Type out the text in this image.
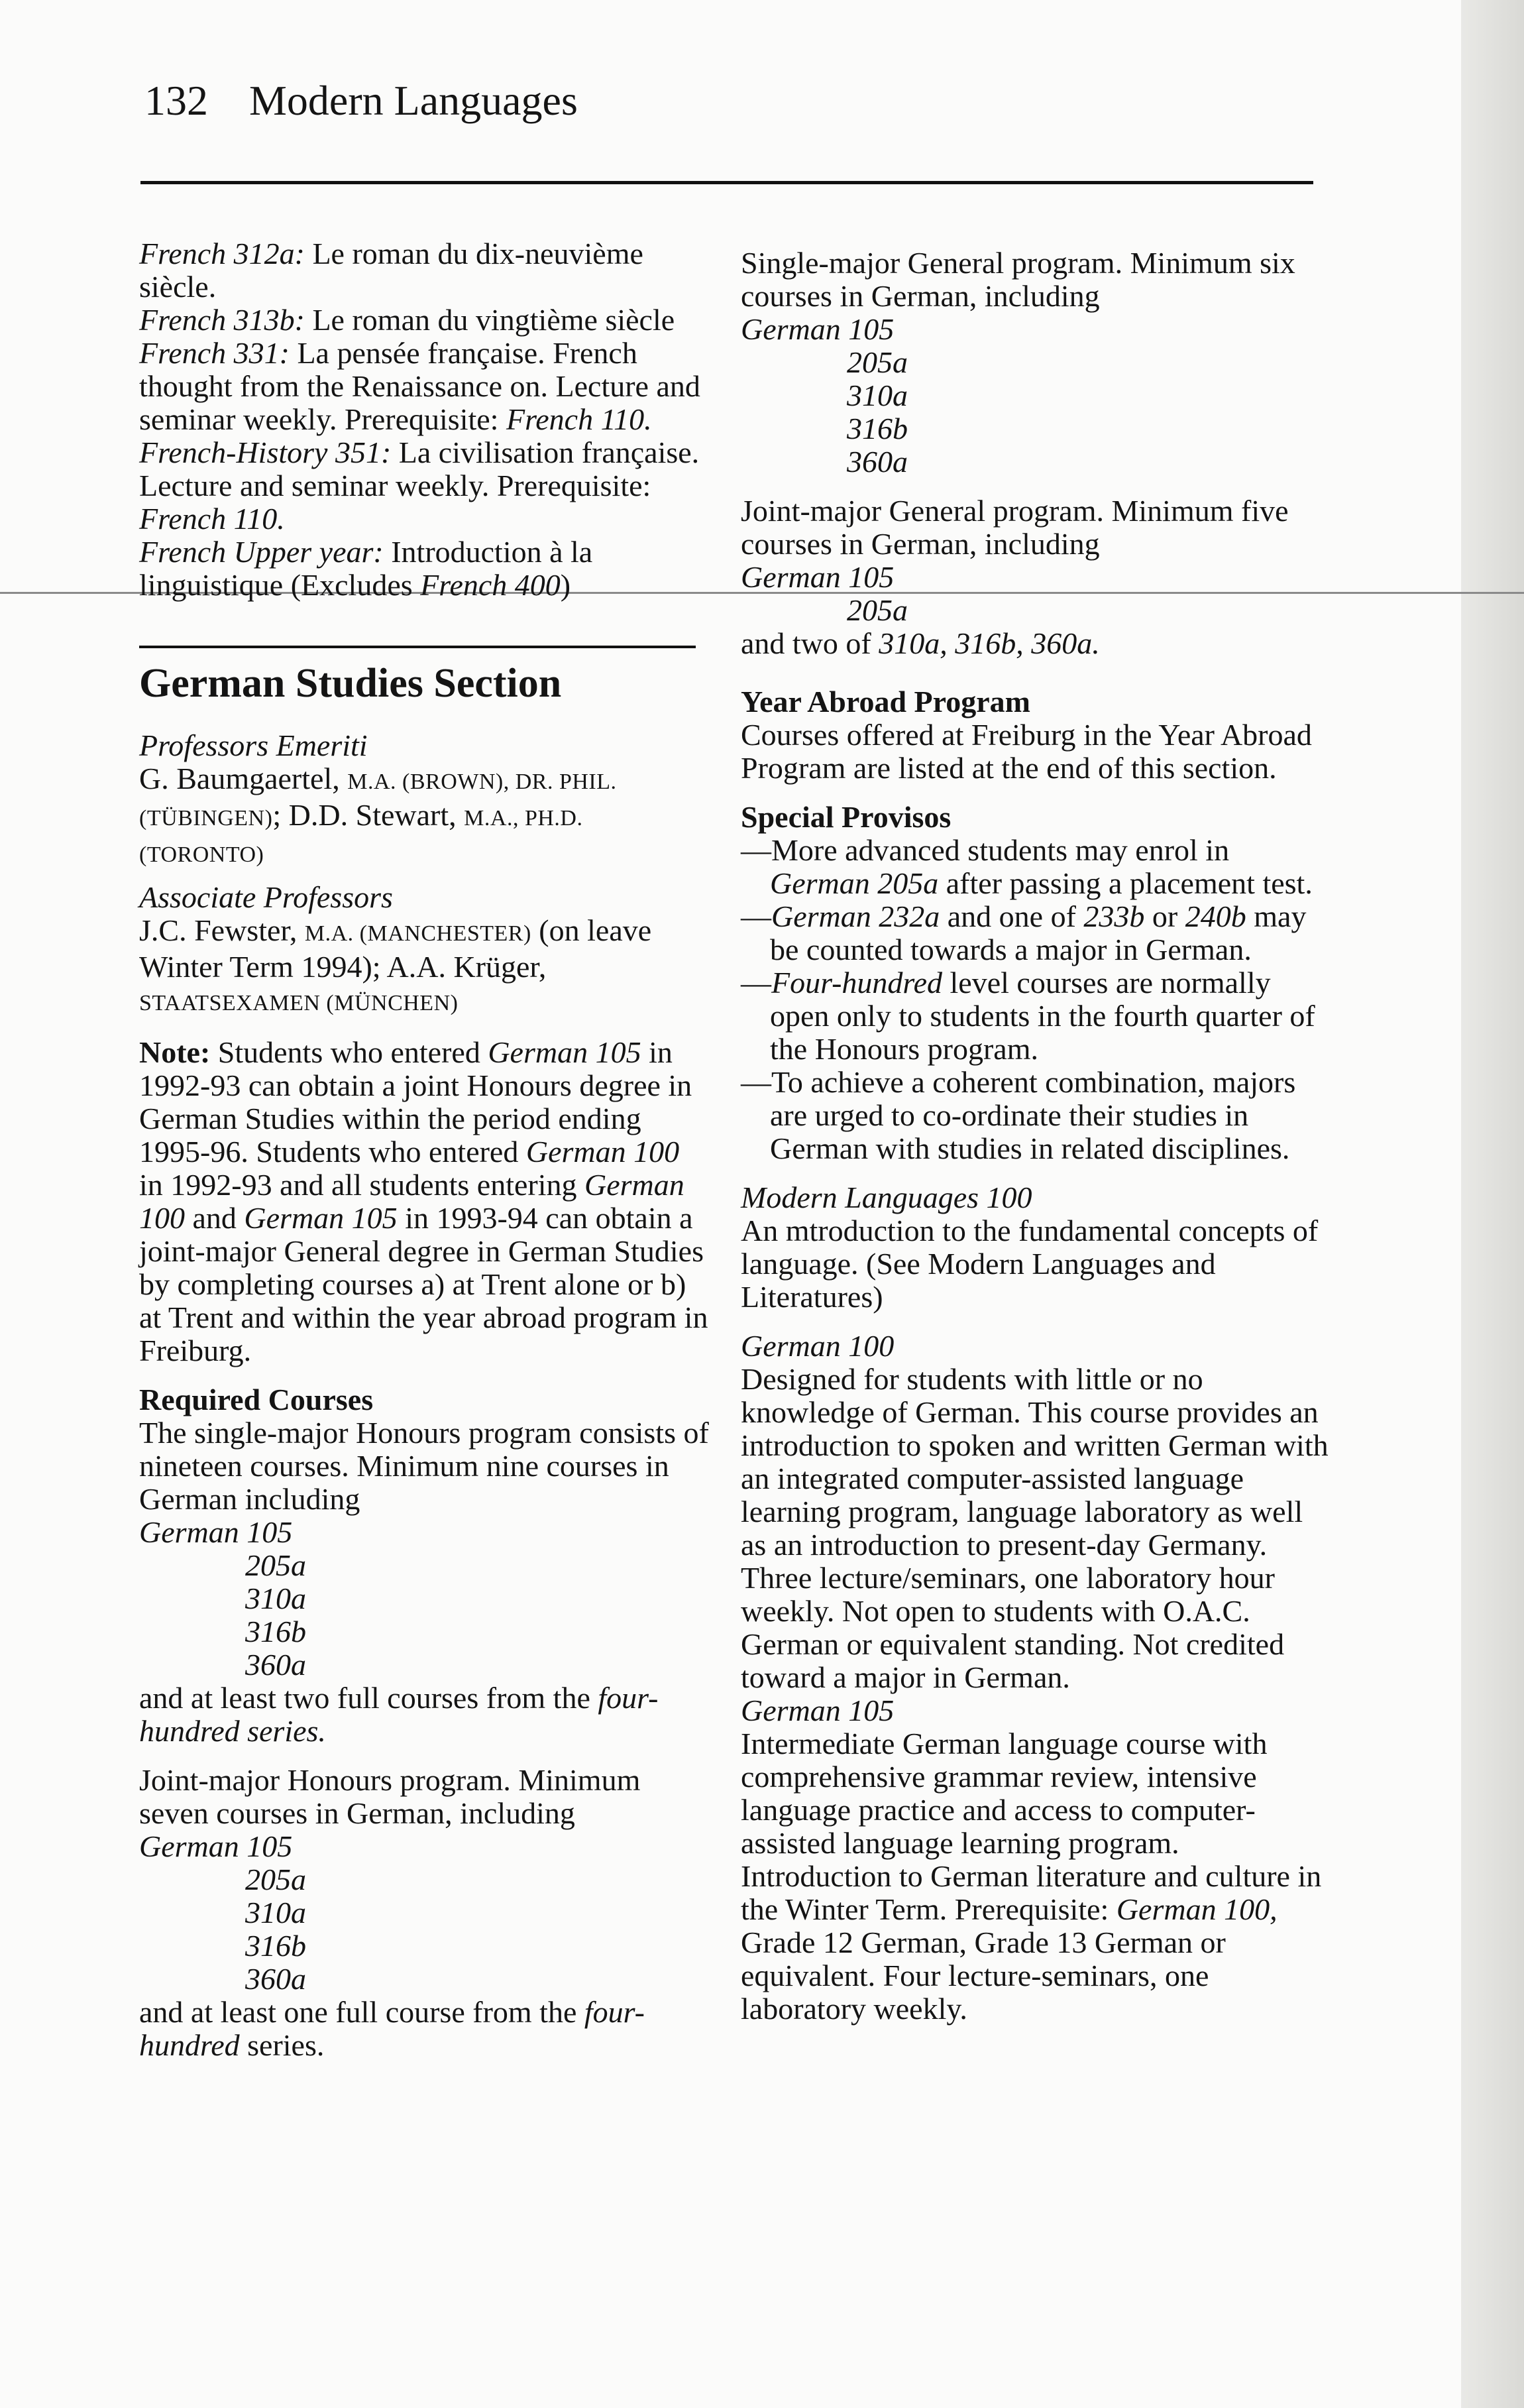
132 Modern Languages

French 312a: Le roman du dix-neuvième siècle.

French 313b: Le roman du vingtième siècle

French 331: La pensée française. French thought from the Renaissance on. Lecture and seminar weekly. Prerequisite: French 110.

French-History 351: La civilisation française. Lecture and seminar weekly. Prerequisite: French 110.

French Upper year: Introduction à la linguistique (Excludes French 400)

German Studies Section

Professors Emeriti

G. Baumgaertel, M.A. (BROWN), DR. PHIL. (TÜBINGEN); D.D. Stewart, M.A., PH.D. (TORONTO)

Associate Professors

J.C. Fewster, M.A. (MANCHESTER) (on leave Winter Term 1994); A.A. Krüger, STAATSEXAMEN (MÜNCHEN)

Note: Students who entered German 105 in 1992-93 can obtain a joint Honours degree in German Studies within the period ending 1995-96. Students who entered German 100 in 1992-93 and all students entering German 100 and German 105 in 1993-94 can obtain a joint-major General degree in German Studies by completing courses a) at Trent alone or b) at Trent and within the year abroad program in Freiburg.

Required Courses

The single-major Honours program consists of nineteen courses. Minimum nine courses in German including

German 105

205a

310a

316b

360a

and at least two full courses from the four-hundred series.

Joint-major Honours program. Minimum seven courses in German, including

German 105

205a

310a

316b

360a

and at least one full course from the four-hundred series.

Single-major General program. Minimum six courses in German, including

German 105

205a

310a

316b

360a

Joint-major General program. Minimum five courses in German, including

German 105

205a

and two of 310a, 316b, 360a.

Year Abroad Program

Courses offered at Freiburg in the Year Abroad Program are listed at the end of this section.

Special Provisos

—More advanced students may enrol in German 205a after passing a placement test.

—German 232a and one of 233b or 240b may be counted towards a major in German.

—Four-hundred level courses are normally open only to students in the fourth quarter of the Honours program.

—To achieve a coherent combination, majors are urged to co-ordinate their studies in German with studies in related disciplines.

Modern Languages 100

An mtroduction to the fundamental concepts of language. (See Modern Languages and Literatures)

German 100

Designed for students with little or no knowledge of German. This course provides an introduction to spoken and written German with an integrated computer-assisted language learning program, language laboratory as well as an introduction to present-day Germany. Three lecture/seminars, one laboratory hour weekly. Not open to students with O.A.C. German or equivalent standing. Not credited toward a major in German.

German 105

Intermediate German language course with comprehensive grammar review, intensive language practice and access to computer-assisted language learning program. Introduction to German literature and culture in the Winter Term. Prerequisite: German 100, Grade 12 German, Grade 13 German or equivalent. Four lecture-seminars, one laboratory weekly.
